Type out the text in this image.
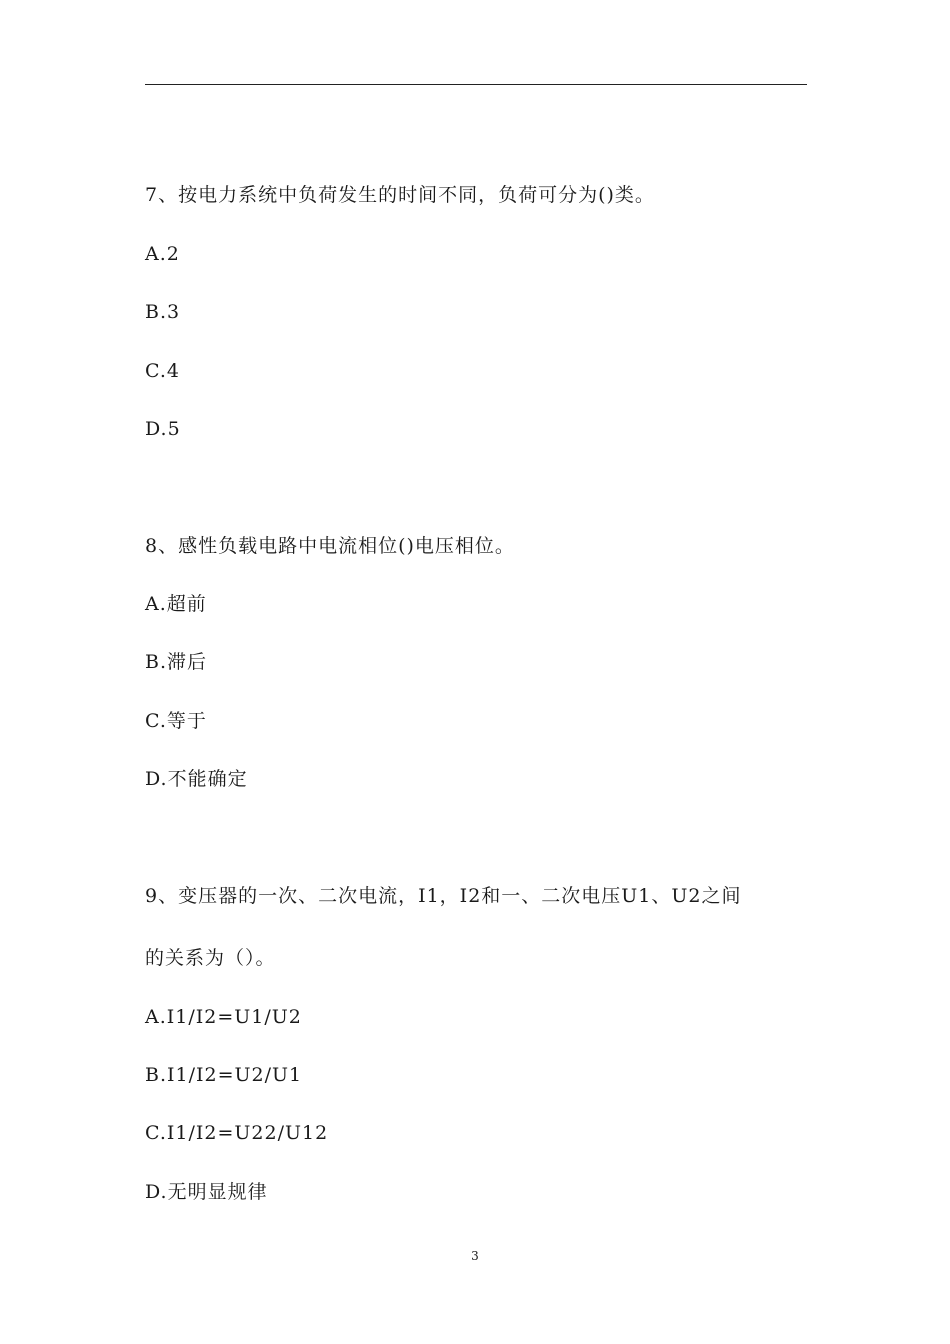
7、按电力系统中负荷发生的时间不同，负荷可分为()类。
A.2
B.3
C.4
D.5
8、感性负载电路中电流相位()电压相位。
A.超前
B.滞后
C.等于
D.不能确定
9、变压器的一次、二次电流，I1，I2和一、二次电压U1、U2之间
的关系为（）。
A.I1/I2=U1/U2
B.I1/I2=U2/U1
C.I1/I2=U22/U12
D.无明显规律
3
